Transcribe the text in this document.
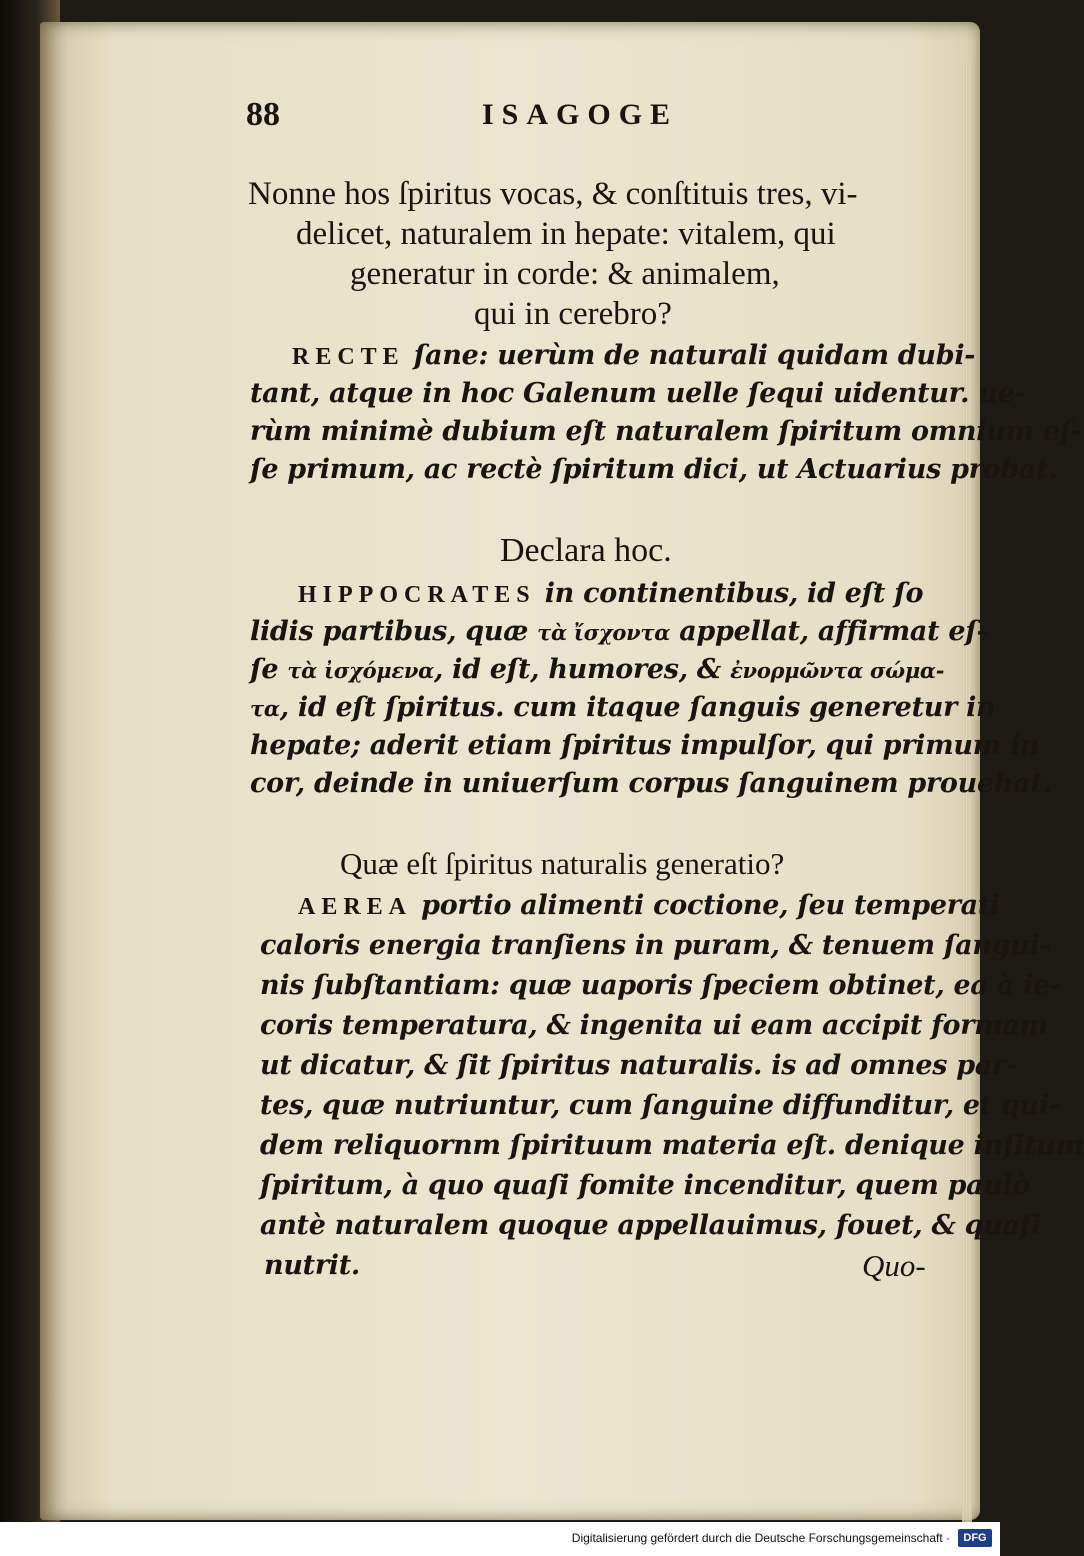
88	ISAGOGE
Nonne hos ſpiritus vocas, & conſtituis tres, vi-
delicet, naturalem in hepate: vitalem, qui
generatur in corde: & animalem,
qui in cerebro?
RECTE ſane: uerùm de naturali quidam dubi-
tant, atque in hoc Galenum uelle ſequi uidentur. ue-
rùm minimè dubium eſt naturalem ſpiritum omnium eſ-
ſe primum, ac rectè ſpiritum dici, ut Actuarius probat.
Declara hoc.
HIPPOCRATES in continentibus, id eſt ſo
lidis partibus, quæ τὰ ἴσχοντα appellat, affirmat eſ-
ſe τὰ ἰσχόμενα, id eſt, humores, & ἐνορμῶντα σώμα-
τα, id eſt ſpiritus. cum itaque ſanguis generetur in
hepate; aderit etiam ſpiritus impulſor, qui primum in
cor, deinde in uniuerſum corpus ſanguinem prouehat.
Quæ eſt ſpiritus naturalis generatio?
AEREA portio alimenti coctione, ſeu temperati
caloris energia tranſiens in puram, & tenuem ſangui-
nis ſubſtantiam: quæ uaporis ſpeciem obtinet, ea à ie-
coris temperatura, & ingenita ui eam accipit formam
ut dicatur, & ſit ſpiritus naturalis. is ad omnes par-
tes, quæ nutriuntur, cum ſanguine diffunditur, et qui-
dem reliquornm ſpirituum materia eſt. denique inſitum
ſpiritum, à quo quaſi fomite incenditur, quem paulò
antè naturalem quoque appellauimus, fouet, & quaſi
nutrit.	Quo-
Digitalisierung gefördert durch die Deutsche Forschungsgemeinschaft ·	DFG
